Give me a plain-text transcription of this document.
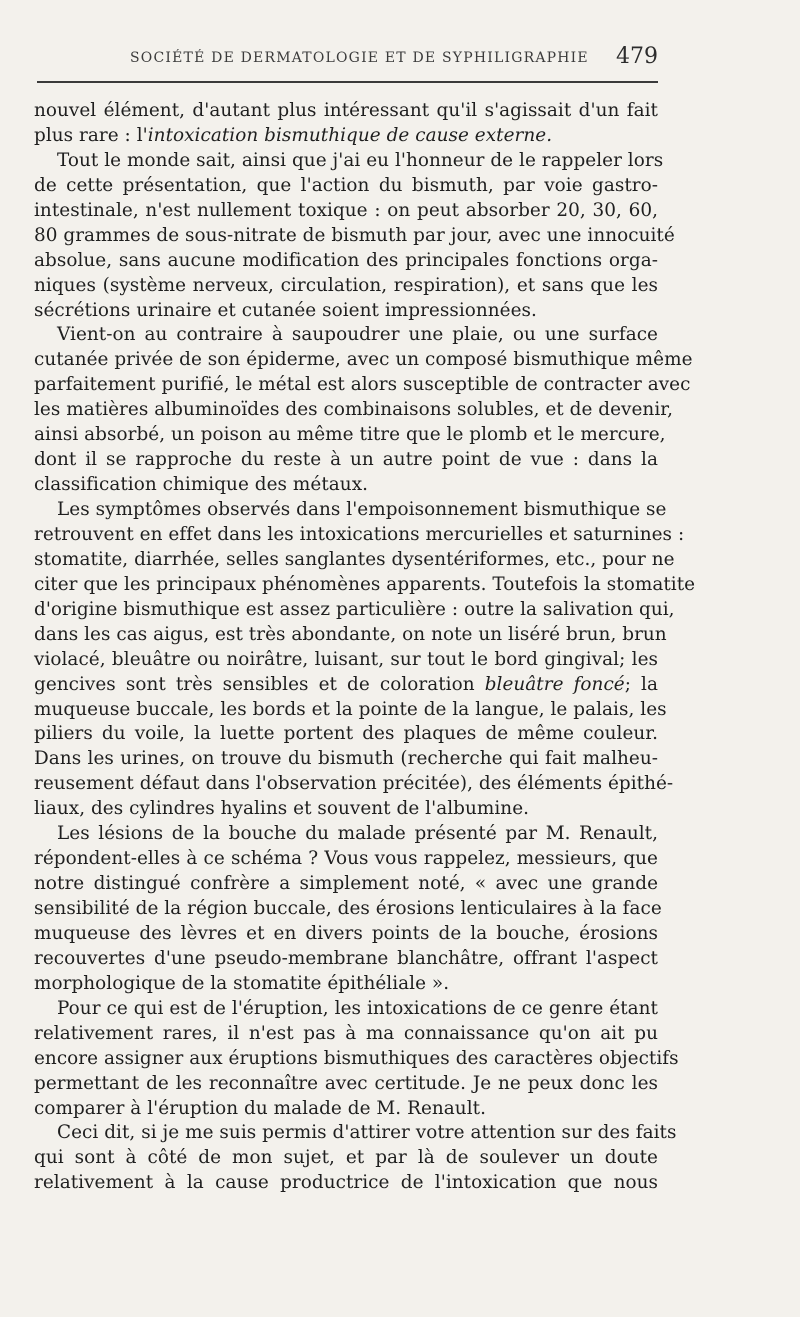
SOCIÉTÉ DE DERMATOLOGIE ET DE SYPHILIGRAPHIE 479
nouvel élément, d'autant plus intéressant qu'il s'agissait d'un fait
plus rare : l'intoxication bismuthique de cause externe.
Tout le monde sait, ainsi que j'ai eu l'honneur de le rappeler lors
de cette présentation, que l'action du bismuth, par voie gastro-
intestinale, n'est nullement toxique : on peut absorber 20, 30, 60,
80 grammes de sous-nitrate de bismuth par jour, avec une innocuité
absolue, sans aucune modification des principales fonctions orga-
niques (système nerveux, circulation, respiration), et sans que les
sécrétions urinaire et cutanée soient impressionnées.
Vient-on au contraire à saupoudrer une plaie, ou une surface
cutanée privée de son épiderme, avec un composé bismuthique même
parfaitement purifié, le métal est alors susceptible de contracter avec
les matières albuminoïdes des combinaisons solubles, et de devenir,
ainsi absorbé, un poison au même titre que le plomb et le mercure,
dont il se rapproche du reste à un autre point de vue : dans la
classification chimique des métaux.
Les symptômes observés dans l'empoisonnement bismuthique se
retrouvent en effet dans les intoxications mercurielles et saturnines :
stomatite, diarrhée, selles sanglantes dysentériformes, etc., pour ne
citer que les principaux phénomènes apparents. Toutefois la stomatite
d'origine bismuthique est assez particulière : outre la salivation qui,
dans les cas aigus, est très abondante, on note un liséré brun, brun
violacé, bleuâtre ou noirâtre, luisant, sur tout le bord gingival; les
gencives sont très sensibles et de coloration bleuâtre foncé; la
muqueuse buccale, les bords et la pointe de la langue, le palais, les
piliers du voile, la luette portent des plaques de même couleur.
Dans les urines, on trouve du bismuth (recherche qui fait malheu-
reusement défaut dans l'observation précitée), des éléments épithé-
liaux, des cylindres hyalins et souvent de l'albumine.
Les lésions de la bouche du malade présenté par M. Renault,
répondent-elles à ce schéma ? Vous vous rappelez, messieurs, que
notre distingué confrère a simplement noté, « avec une grande
sensibilité de la région buccale, des érosions lenticulaires à la face
muqueuse des lèvres et en divers points de la bouche, érosions
recouvertes d'une pseudo-membrane blanchâtre, offrant l'aspect
morphologique de la stomatite épithéliale ».
Pour ce qui est de l'éruption, les intoxications de ce genre étant
relativement rares, il n'est pas à ma connaissance qu'on ait pu
encore assigner aux éruptions bismuthiques des caractères objectifs
permettant de les reconnaître avec certitude. Je ne peux donc les
comparer à l'éruption du malade de M. Renault.
Ceci dit, si je me suis permis d'attirer votre attention sur des faits
qui sont à côté de mon sujet, et par là de soulever un doute
relativement à la cause productrice de l'intoxication que nous
